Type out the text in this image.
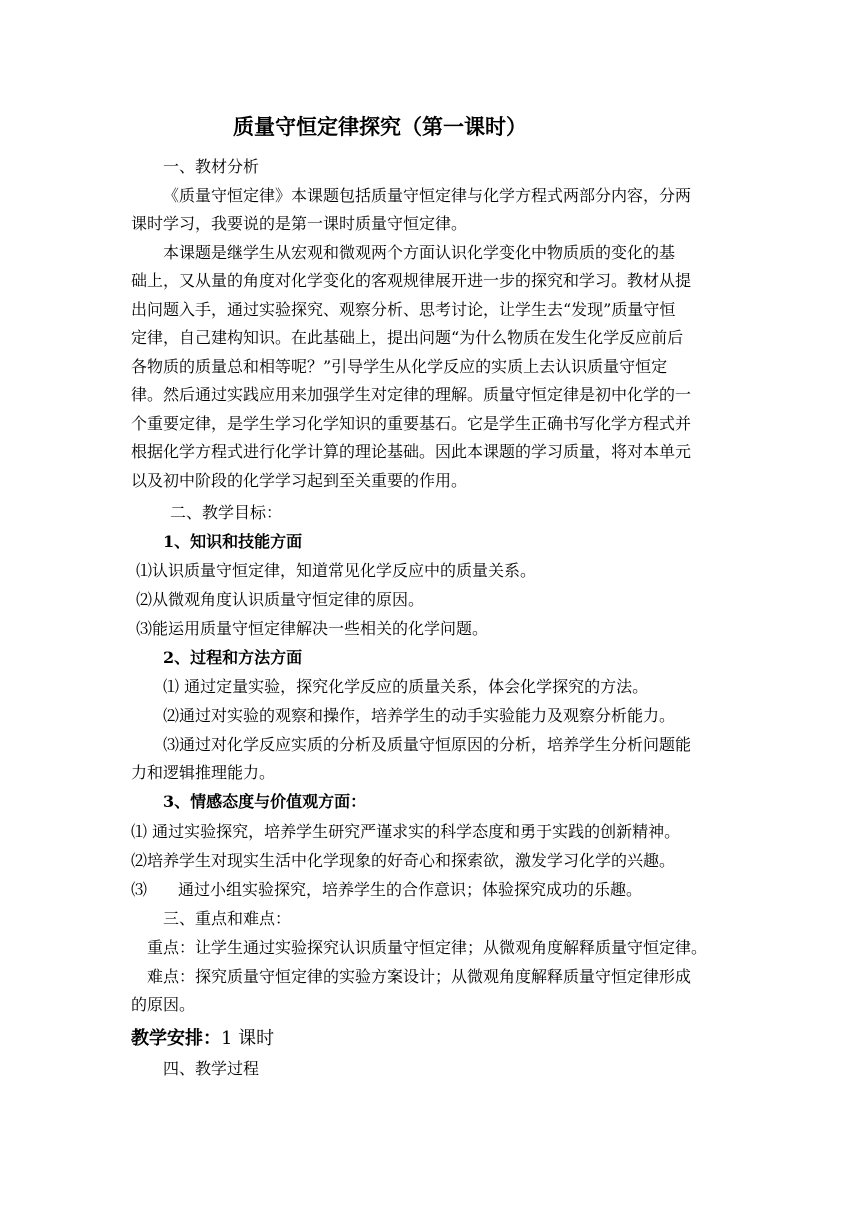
质量守恒定律探究（第一课时）
一、教材分析
《质量守恒定律》本课题包括质量守恒定律与化学方程式两部分内容，分两
课时学习，我要说的是第一课时质量守恒定律。
本课题是继学生从宏观和微观两个方面认识化学变化中物质质的变化的基
础上，又从量的角度对化学变化的客观规律展开进一步的探究和学习。教材从提
出问题入手，通过实验探究、观察分析、思考讨论，让学生去“发现”质量守恒
定律，自己建构知识。在此基础上，提出问题“为什么物质在发生化学反应前后
各物质的质量总和相等呢？”引导学生从化学反应的实质上去认识质量守恒定
律。然后通过实践应用来加强学生对定律的理解。质量守恒定律是初中化学的一
个重要定律，是学生学习化学知识的重要基石。它是学生正确书写化学方程式并
根据化学方程式进行化学计算的理论基础。因此本课题的学习质量，将对本单元
以及初中阶段的化学学习起到至关重要的作用。
二、教学目标：
1、知识和技能方面
⑴认识质量守恒定律，知道常见化学反应中的质量关系。
⑵从微观角度认识质量守恒定律的原因。
⑶能运用质量守恒定律解决一些相关的化学问题。
2、过程和方法方面
⑴ 通过定量实验，探究化学反应的质量关系，体会化学探究的方法。
⑵通过对实验的观察和操作，培养学生的动手实验能力及观察分析能力。
⑶通过对化学反应实质的分析及质量守恒原因的分析，培养学生分析问题能
力和逻辑推理能力。
3、情感态度与价值观方面：
⑴ 通过实验探究，培养学生研究严谨求实的科学态度和勇于实践的创新精神。
⑵培养学生对现实生活中化学现象的好奇心和探索欲，激发学习化学的兴趣。
⑶ 通过小组实验探究，培养学生的合作意识；体验探究成功的乐趣。
三、重点和难点：
重点：让学生通过实验探究认识质量守恒定律；从微观角度解释质量守恒定律。
难点：探究质量守恒定律的实验方案设计；从微观角度解释质量守恒定律形成
的原因。
教学安排：1 课时
四、教学过程
